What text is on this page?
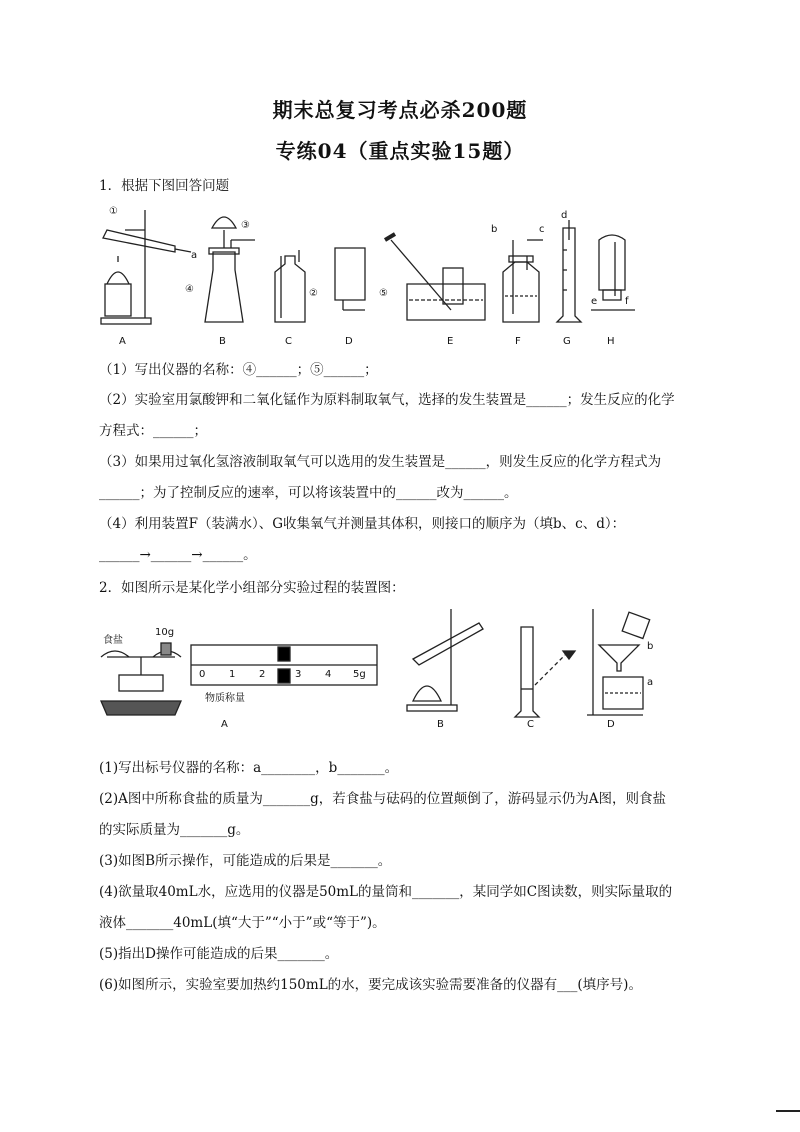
期末总复习考点必杀200题
专练04（重点实验15题）
1．根据下图回答问题
A	B	C	D	E	F	G	H
①
③
④	②	⑤
a
b	c
d
e	f
（1）写出仪器的名称：④______；⑤______；
（2）实验室用氯酸钾和二氧化锰作为原料制取氧气，选择的发生装置是______；发生反应的化学
方程式：______；
（3）如果用过氧化氢溶液制取氧气可以选用的发生装置是______，则发生反应的化学方程式为
______；为了控制反应的速率，可以将该装置中的______改为______。
（4）利用装置F（装满水）、G收集氧气并测量其体积，则接口的顺序为（填b、c、d）：
______→______→______。
2．如图所示是某化学小组部分实验过程的装置图：
食盐
10g
0 1 2	3 4 5g
物质称量
A	B	C	D
a
b
(1)写出标号仪器的名称：a________，b_______。
(2)A图中所称食盐的质量为_______g，若食盐与砝码的位置颠倒了，游码显示仍为A图，则食盐
的实际质量为_______g。
(3)如图B所示操作，可能造成的后果是_______。
(4)欲量取40mL水，应选用的仪器是50mL的量筒和_______，某同学如C图读数，则实际量取的
液体_______40mL(填“大于”“小于”或“等于”)。
(5)指出D操作可能造成的后果_______。
(6)如图所示，实验室要加热约150mL的水，要完成该实验需要准备的仪器有___(填序号)。
